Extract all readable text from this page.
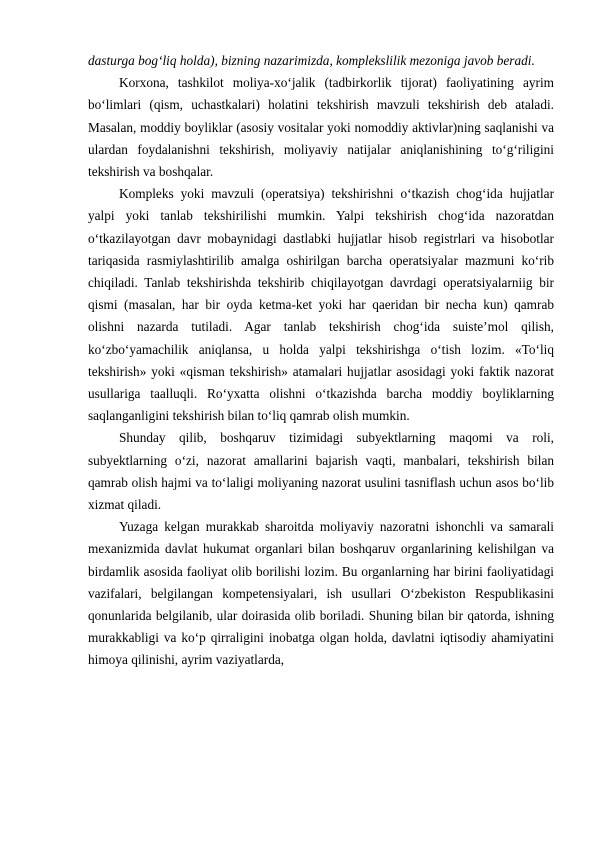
dasturga bog‘liq holda), bizning nazarimizda, komplekslilik mezoniga javob beradi.

Korxona, tashkilot moliya-xo‘jalik (tadbirkorlik tijorat) faoliyatining ayrim bo‘limlari (qism, uchastkalari) holatini tekshirish mavzuli tekshirish deb ataladi. Masalan, moddiy boyliklar (asosiy vositalar yoki nomoddiy aktivlar)ning saqlanishi va ulardan foydalanishni tekshirish, moliyaviy natijalar aniqlanishining to‘g‘riligini tekshirish va boshqalar.

Kompleks yoki mavzuli (operatsiya) tekshirishni o‘tkazish chog‘ida hujjatlar yalpi yoki tanlab tekshirilishi mumkin. Yalpi tekshirish chog‘ida nazoratdan o‘tkazilayotgan davr mobaynidagi dastlabki hujjatlar hisob registrlari va hisobotlar tariqasida rasmiylashtirilib amalga oshirilgan barcha operatsiyalar mazmuni ko‘rib chiqiladi. Tanlab tekshirishda tekshirib chiqilayotgan davrdagi operatsiyalarniig bir qismi (masalan, har bir oyda ketma-ket yoki har qaeridan bir necha kun) qamrab olishni nazarda tutiladi. Agar tanlab tekshirish chog‘ida suiste’mol qilish, ko‘zbo‘yamachilik aniqlansa, u holda yalpi tekshirishga o‘tish lozim. «To‘liq tekshirish» yoki «qisman tekshirish» atamalari hujjatlar asosidagi yoki faktik nazorat usullariga taalluqli. Ro‘yxatta olishni o‘tkazishda barcha moddiy boyliklarning saqlanganligini tekshirish bilan to‘liq qamrab olish mumkin.

Shunday qilib, boshqaruv tizimidagi subyektlarning maqomi va roli, subyektlarning o‘zi, nazorat amallarini bajarish vaqti, manbalari, tekshirish bilan qamrab olish hajmi va to‘laligi moliyaning nazorat usulini tasniflash uchun asos bo‘lib xizmat qiladi.

Yuzaga kelgan murakkab sharoitda moliyaviy nazoratni ishonchli va samarali mexanizmida davlat hukumat organlari bilan boshqaruv organlarining kelishilgan va birdamlik asosida faoliyat olib borilishi lozim. Bu organlarning har birini faoliyatidagi vazifalari, belgilangan kompetensiyalari, ish usullari O‘zbekiston Respublikasini qonunlarida belgilanib, ular doirasida olib boriladi. Shuning bilan bir qatorda, ishning murakkabligi va ko‘p qirraligini inobatga olgan holda, davlatni iqtisodiy ahamiyatini himoya qilinishi, ayrim vaziyatlarda,
